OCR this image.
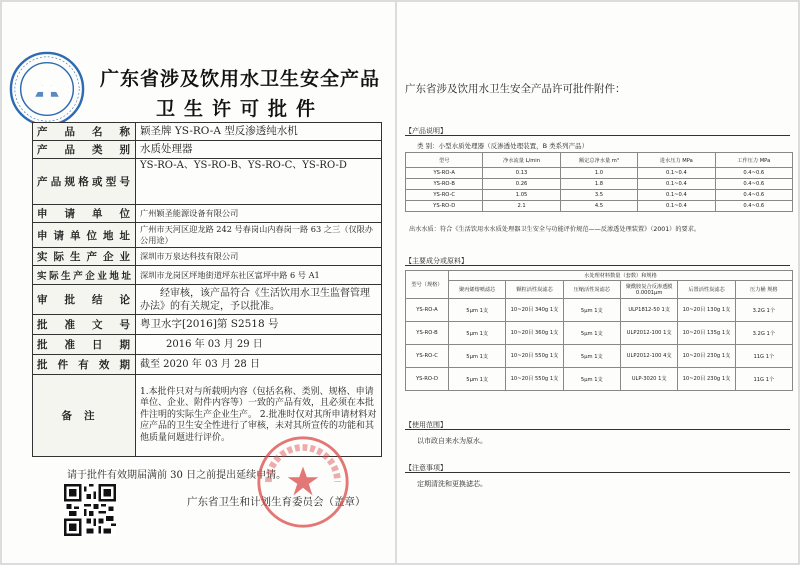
广东省涉及饮用水卫生安全产品
卫生许可批件
产品名称	颖圣牌 YS-RO-A 型反渗透纯水机
产品类别	水质处理器
产品规格或型号	YS-RO-A、YS-RO-B、YS-RO-C、YS-RO-D
申请单位	广州颖圣能源设备有限公司
申请单位地址	广州市天河区迎龙路 242 号春岗山内春岗一路 63 之三（仅限办公用途）
实际生产企业	深圳市万泉达科技有限公司
实际生产企业地址	深圳市龙岗区坪地街道坪东社区富坪中路 6 号 A1
审批结论	经审核，该产品符合《生活饮用水卫生监督管理办法》的有关规定，予以批准。
批准文号	粤卫水字[2016]第 S2518 号
批准日期	2016 年 03 月 29 日
批件有效期	截至 2020 年 03 月 28 日
备注	1.本批件只对与所载明内容（包括名称、类别、规格、申请单位、企业、附件内容等）一致的产品有效，且必须在本批件注明的实际生产企业生产。 2.批准时仅对其所申请材料对应产品的卫生安全性进行了审核，未对其所宣传的功能和其他质量问题进行评价。
请于批件有效期届满前 30 日之前提出延续申请。
广东省卫生和计划生育委员会（盖章）
广东省涉及饮用水卫生安全产品许可批件附件：
【产品说明】
类 别：小型水质处理器（反渗透处理装置，B 类系列产品）
型号	净水流量 L/min	额定总净水量 m³	进水压力 MPa	工作压力 MPa
YS-RO-A	0.13	1.0	0.1~0.4	0.4~0.6
YS-RO-B	0.26	1.8	0.1~0.4	0.4~0.6
YS-RO-C	1.05	3.5	0.1~0.4	0.4~0.6
YS-RO-D	2.1	4.5	0.1~0.4	0.4~0.6
出水水质：符合《生活饮用水水质处理器卫生安全与功能评价规范——反渗透处理装置》（2001）的要求。
【主要成分或原料】
型号（规格）	水处理材料数量（套数）和规格					
	聚丙烯熔喷滤芯	颗粒活性炭滤芯	压缩活性炭滤芯	聚酰胺复合反渗透膜 0.0001μm	后置活性炭滤芯	压力桶 规格
YS-RO-A	5μm 1支	10~20目 340g 1支	5μm 1支	ULP1812-50 1支	10~20目 130g 1支	3.2G 1个
YS-RO-B	5μm 1支	10~20目 360g 1支	5μm 1支	ULP2012-100 1支	10~20目 135g 1支	3.2G 1个
YS-RO-C	5μm 1支	10~20目 550g 1支	5μm 1支	ULP2012-100 4支	10~20目 230g 1支	11G 1个
YS-RO-D	5μm 1支	10~20目 550g 1支	5μm 1支	ULP-3020 1支	10~20目 230g 1支	11G 1个
【使用范围】
以市政自来水为原水。
【注意事项】
定期清洗和更换滤芯。
